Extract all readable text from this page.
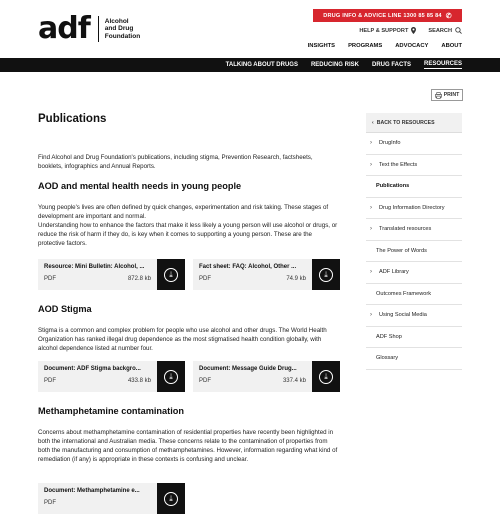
adf Alcohol
and Drug
Foundation
DRUG INFO & ADVICE LINE
1300 85 85 84 ✆
HELP & SUPPORT	SEARCH
INSIGHTS PROGRAMS ADVOCACY ABOUT
TALKING ABOUT DRUGS REDUCING RISK DRUG FACTS RESOURCES
PRINT
Publications

Find Alcohol and Drug Foundation's publications, including stigma, Prevention Research, factsheets, booklets, infographics and Annual Reports.

AOD and mental health needs in young people

Young people's lives are often defined by quick changes, experimentation and risk taking. These stages of development are important and normal.
Understanding how to enhance the factors that make it less likely a young person will use alcohol or drugs, or reduce the risk of harm if they do, is key when it comes to supporting a young person. These are the protective factors.

Resource: Mini Bulletin: Alcohol, ...
PDF	872.8 kb
⤓
Fact sheet: FAQ: Alcohol, Other ...
PDF	74.9 kb
⤓
AOD Stigma

Stigma is a common and complex problem for people who use alcohol and other drugs. The World Health Organization has ranked illegal drug dependence as the most stigmatised health condition globally, with alcohol dependence listed at number four.

Document: ADF Stigma backgro...
PDF	433.8 kb
⤓
Document: Message Guide Drug...
PDF	337.4 kb
⤓
Methamphetamine contamination

Concerns about methamphetamine contamination of residential properties have recently been highlighted in both the international and Australian media. These concerns relate to the contamination of properties from both the manufacturing and consumption of methamphetamines. However, information regarding what kind of remediation (if any) is appropriate in these contexts is confusing and unclear.

Document: Methamphetamine e...
PDF
⤓
‹ BACK TO RESOURCES
›	DrugInfo
›	Text the Effects
Publications
›	Drug Information Directory
›	Translated resources
The Power of Words
›	ADF Library
Outcomes Framework
›	Using Social Media
ADF Shop
Glossary
